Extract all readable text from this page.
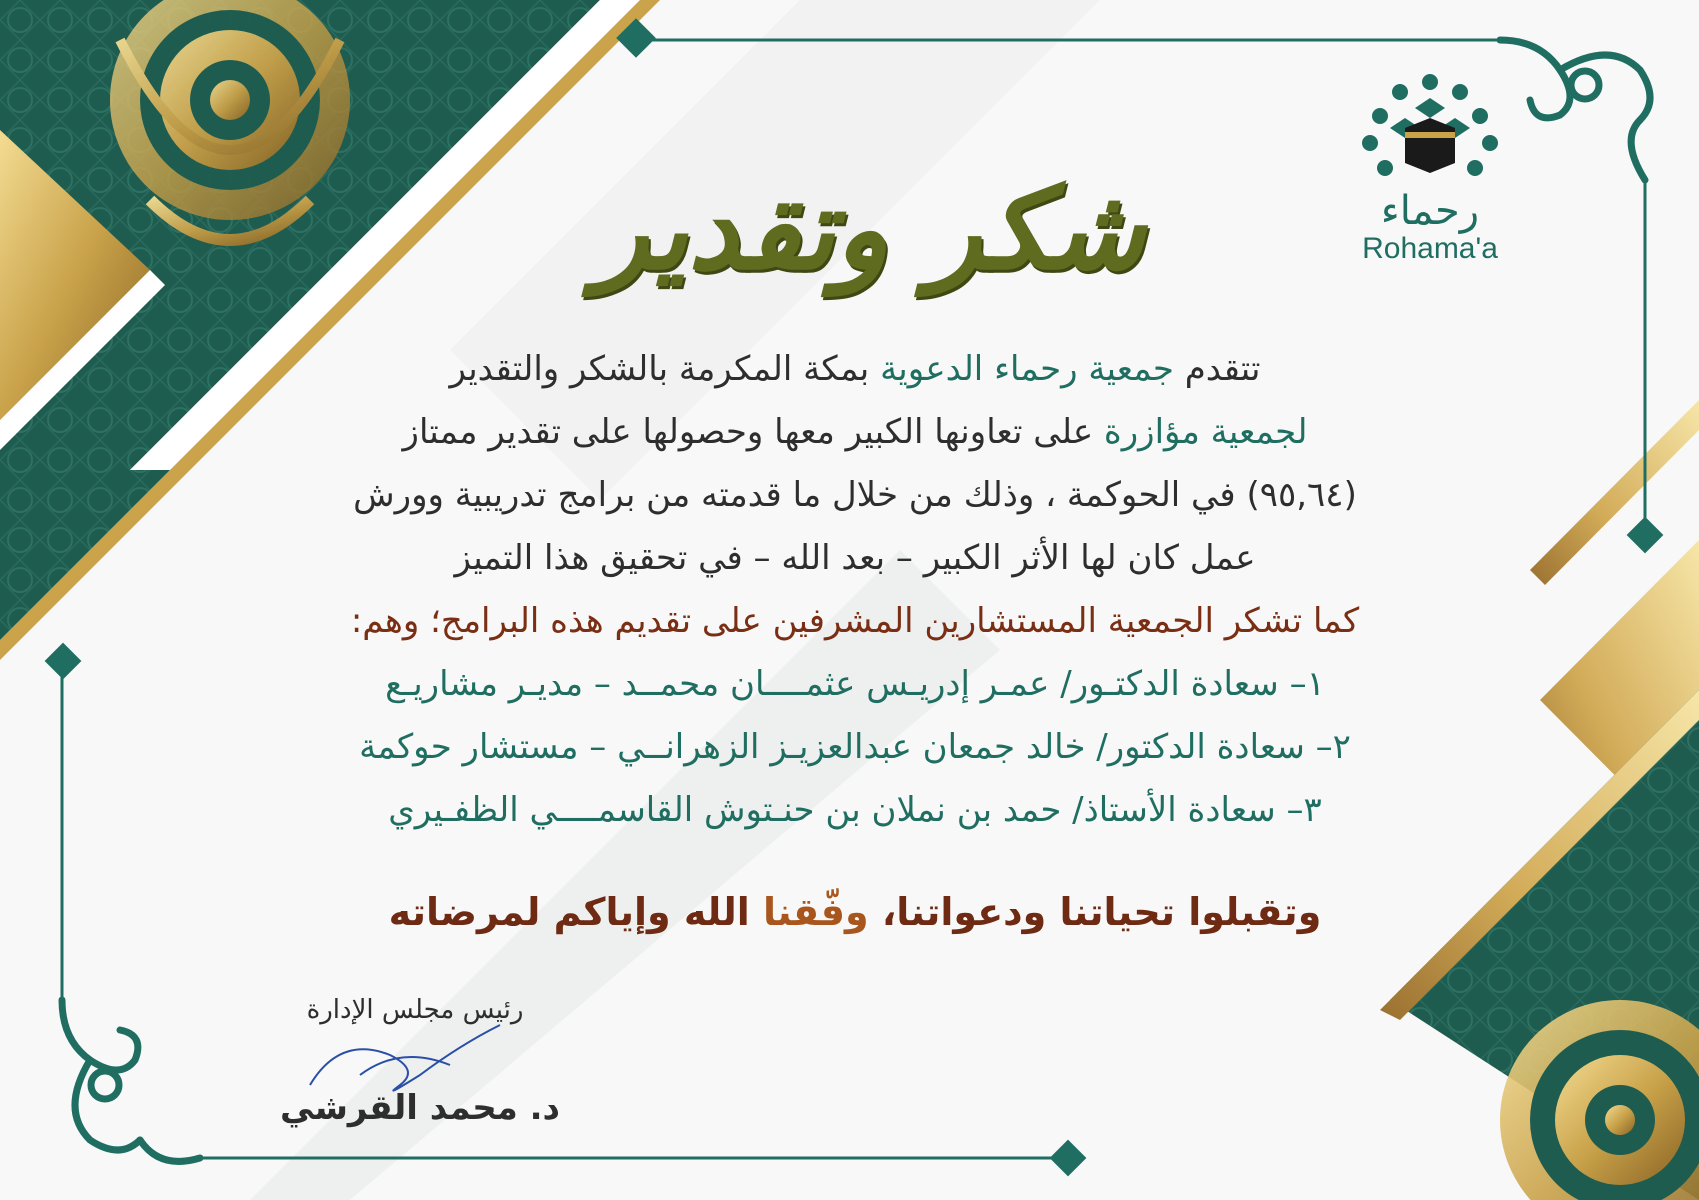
رحماء
Rohama'a
شكر وتقدير
تتقدم جمعية رحماء الدعوية بمكة المكرمة بالشكر والتقدير
لجمعية مؤازرة على تعاونها الكبير معها وحصولها على تقدير ممتاز
(٩٥,٦٤) في الحوكمة ، وذلك من خلال ما قدمته من برامج تدريبية وورش
عمل كان لها الأثر الكبير – بعد الله – في تحقيق هذا التميز
كما تشكر الجمعية المستشارين المشرفين على تقديم هذه البرامج؛ وهم:
١– سعادة الدكتـور/ عمـر إدريـس عثمــــان محمــد – مديـر مشاريـع
٢– سعادة الدكتور/ خالد جمعان عبدالعزيـز الزهرانــي – مستشار حوكمة
٣– سعادة الأستاذ/ حمد بن نملان بن حنـتوش القاسمــــي الظفـيري
وتقبلوا تحياتنا ودعواتنا، وفّقنا الله وإياكم لمرضاته
رئيس مجلس الإدارة
د. محمد القرشي
